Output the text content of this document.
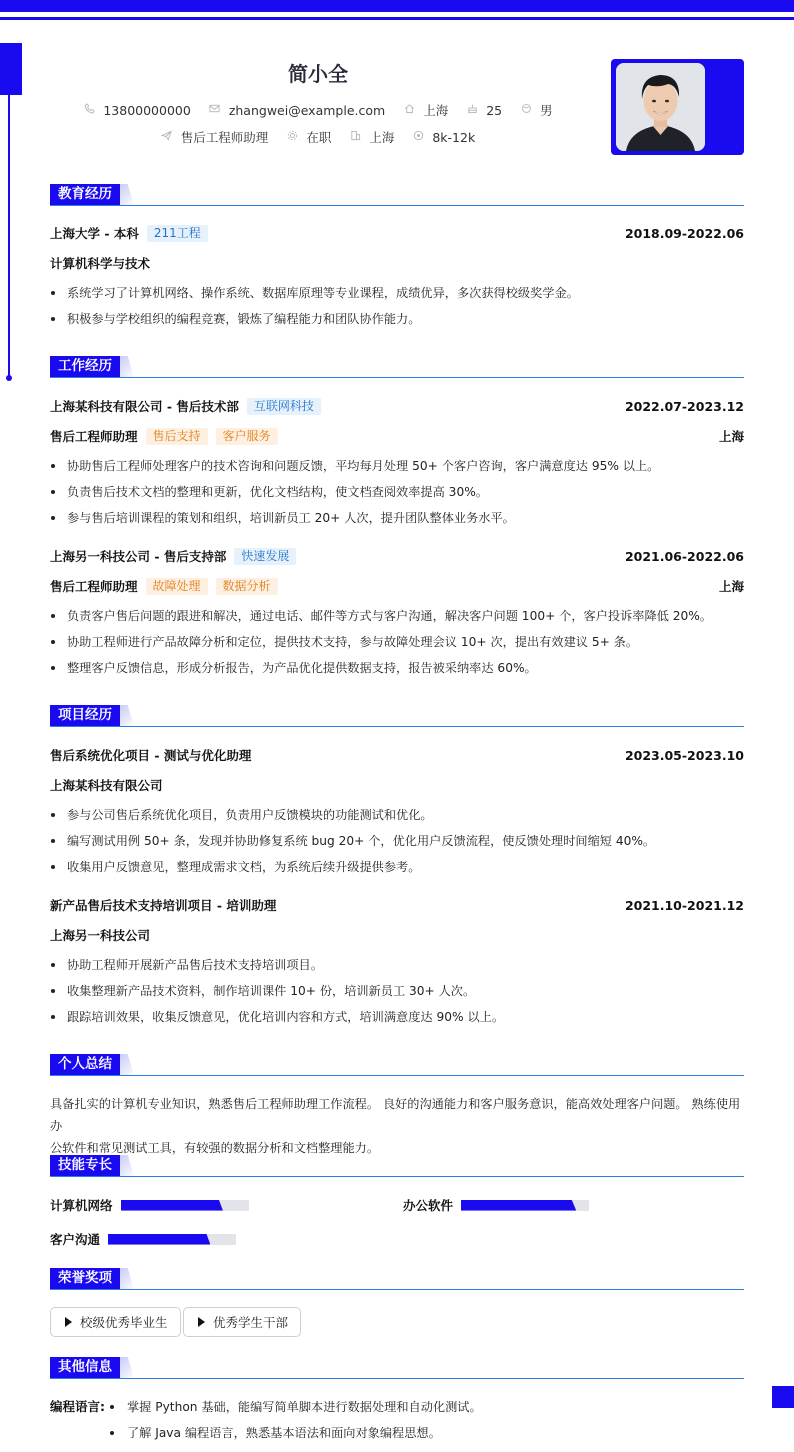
简小全
13800000000	zhangwei@example.com	上海	25	男
售后工程师助理	在职	上海	8k-12k
教育经历
上海大学 - 本科	211工程	2018.09-2022.06
计算机科学与技术
系统学习了计算机网络、操作系统、数据库原理等专业课程，成绩优异，多次获得校级奖学金。
积极参与学校组织的编程竞赛，锻炼了编程能力和团队协作能力。
工作经历
上海某科技有限公司 - 售后技术部	互联网科技	2022.07-2023.12
售后工程师助理	售后支持	客户服务	上海
协助售后工程师处理客户的技术咨询和问题反馈，平均每月处理 50+ 个客户咨询，客户满意度达 95% 以上。
负责售后技术文档的整理和更新，优化文档结构，使文档查阅效率提高 30%。
参与售后培训课程的策划和组织，培训新员工 20+ 人次，提升团队整体业务水平。
上海另一科技公司 - 售后支持部	快速发展	2021.06-2022.06
售后工程师助理	故障处理	数据分析	上海
负责客户售后问题的跟进和解决，通过电话、邮件等方式与客户沟通，解决客户问题 100+ 个，客户投诉率降低 20%。
协助工程师进行产品故障分析和定位，提供技术支持，参与故障处理会议 10+ 次，提出有效建议 5+ 条。
整理客户反馈信息，形成分析报告，为产品优化提供数据支持，报告被采纳率达 60%。
项目经历
售后系统优化项目 - 测试与优化助理	2023.05-2023.10
上海某科技有限公司
参与公司售后系统优化项目，负责用户反馈模块的功能测试和优化。
编写测试用例 50+ 条，发现并协助修复系统 bug 20+ 个，优化用户反馈流程，使反馈处理时间缩短 40%。
收集用户反馈意见，整理成需求文档，为系统后续升级提供参考。
新产品售后技术支持培训项目 - 培训助理	2021.10-2021.12
上海另一科技公司
协助工程师开展新产品售后技术支持培训项目。
收集整理新产品技术资料，制作培训课件 10+ 份，培训新员工 30+ 人次。
跟踪培训效果，收集反馈意见，优化培训内容和方式，培训满意度达 90% 以上。
个人总结
具备扎实的计算机专业知识，熟悉售后工程师助理工作流程。 良好的沟通能力和客户服务意识，能高效处理客户问题。 熟练使用办
公软件和常见测试工具，有较强的数据分析和文档整理能力。
技能专长
计算机网络	办公软件
客户沟通
荣誉奖项
校级优秀毕业生	优秀学生干部
其他信息
编程语言:	掌握 Python 基础，能编写简单脚本进行数据处理和自动化测试。
了解 Java 编程语言，熟悉基本语法和面向对象编程思想。
